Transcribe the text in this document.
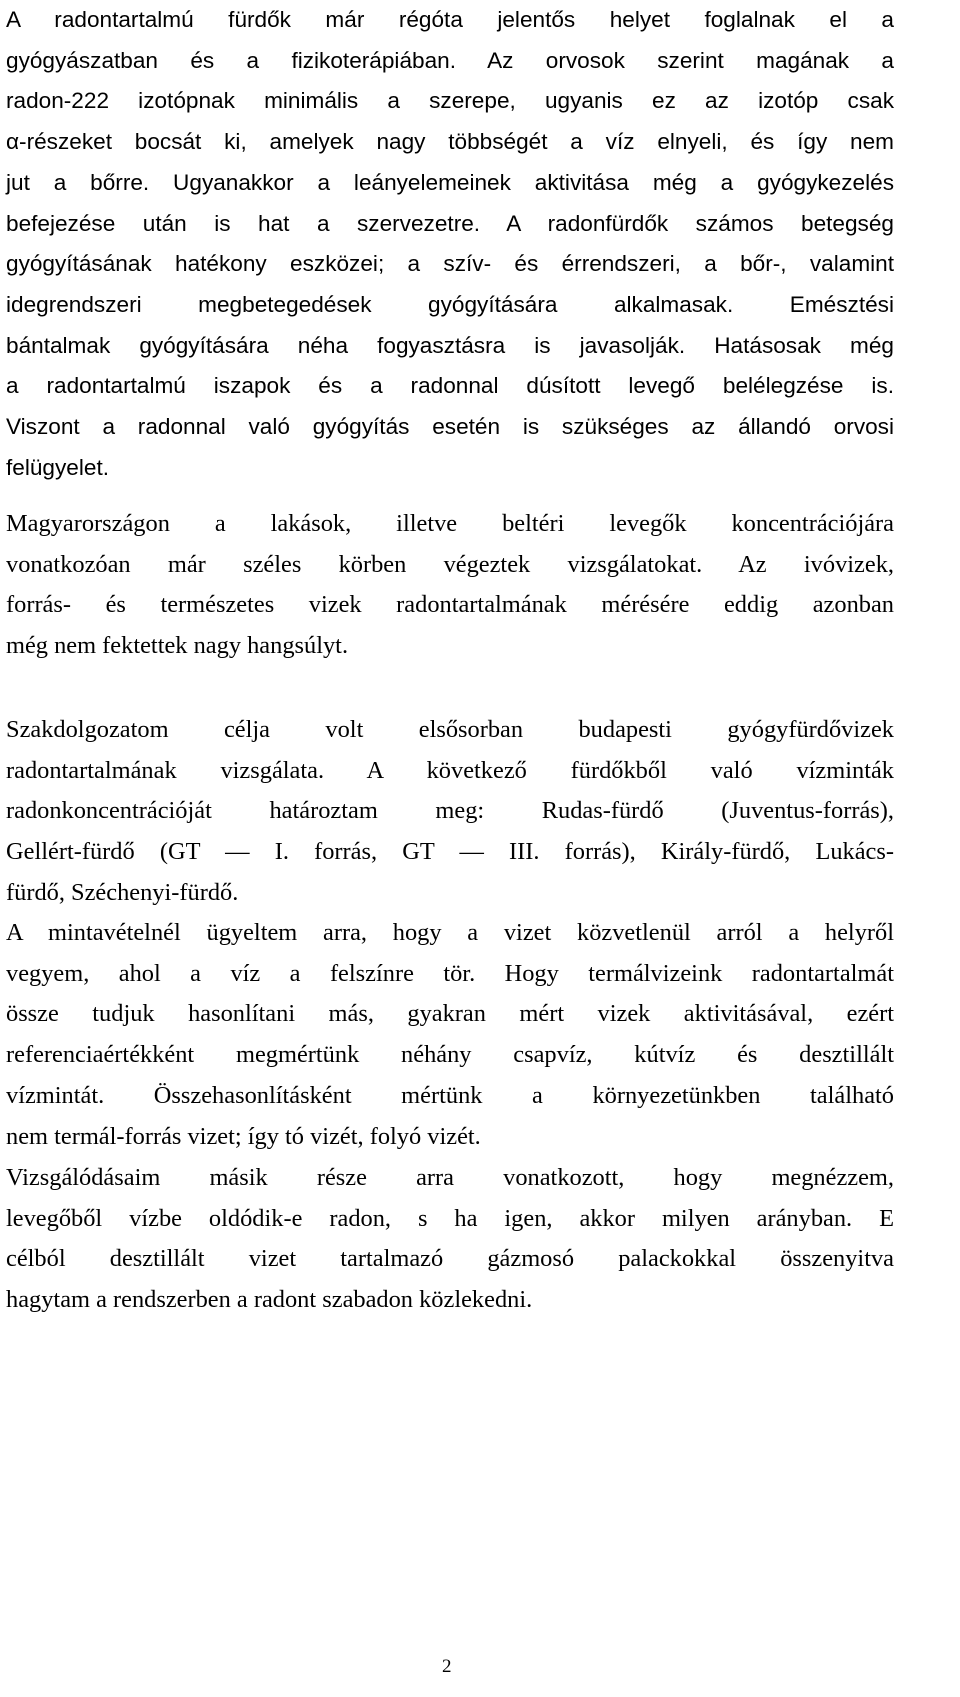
A radontartalmú fürdők már régóta jelentős helyet foglalnak el a
gyógyászatban és a fizikoterápiában. Az orvosok szerint magának a
radon-222 izotópnak minimális a szerepe, ugyanis ez az izotóp csak
α-részeket bocsát ki, amelyek nagy többségét a víz elnyeli, és így nem
jut a bőrre. Ugyanakkor a leányelemeinek aktivitása még a gyógykezelés
befejezése után is hat a szervezetre. A radonfürdők számos betegség
gyógyításának hatékony eszközei; a szív- és érrendszeri, a bőr-, valamint
idegrendszeri megbetegedések gyógyítására alkalmasak. Emésztési
bántalmak gyógyítására néha fogyasztásra is javasolják. Hatásosak még
a radontartalmú iszapok és a radonnal dúsított levegő belélegzése is.
Viszont a radonnal való gyógyítás esetén is szükséges az állandó orvosi
felügyelet.
Magyarországon a lakások, illetve beltéri levegők koncentrációjára
vonatkozóan már széles körben végeztek vizsgálatokat. Az ivóvizek,
forrás- és természetes vizek radontartalmának mérésére eddig azonban
még nem fektettek nagy hangsúlyt.
Szakdolgozatom célja volt elsősorban budapesti gyógyfürdővizek
radontartalmának vizsgálata. A következő fürdőkből való vízminták
radonkoncentrációját határoztam meg: Rudas-fürdő (Juventus-forrás),
Gellért-fürdő (GT — I. forrás, GT — III. forrás), Király-fürdő, Lukács-
fürdő, Széchenyi-fürdő.
A mintavételnél ügyeltem arra, hogy a vizet közvetlenül arról a helyről
vegyem, ahol a víz a felszínre tör. Hogy termálvizeink radontartalmát
össze tudjuk hasonlítani más, gyakran mért vizek aktivitásával, ezért
referenciaértékként megmértünk néhány csapvíz, kútvíz és desztillált
vízmintát. Összehasonlításként mértünk a környezetünkben található
nem termál-forrás vizet; így tó vizét, folyó vizét.
Vizsgálódásaim másik része arra vonatkozott, hogy megnézzem,
levegőből vízbe oldódik-e radon, s ha igen, akkor milyen arányban. E
célból desztillált vizet tartalmazó gázmosó palackokkal összenyitva
hagytam a rendszerben a radont szabadon közlekedni.
2
